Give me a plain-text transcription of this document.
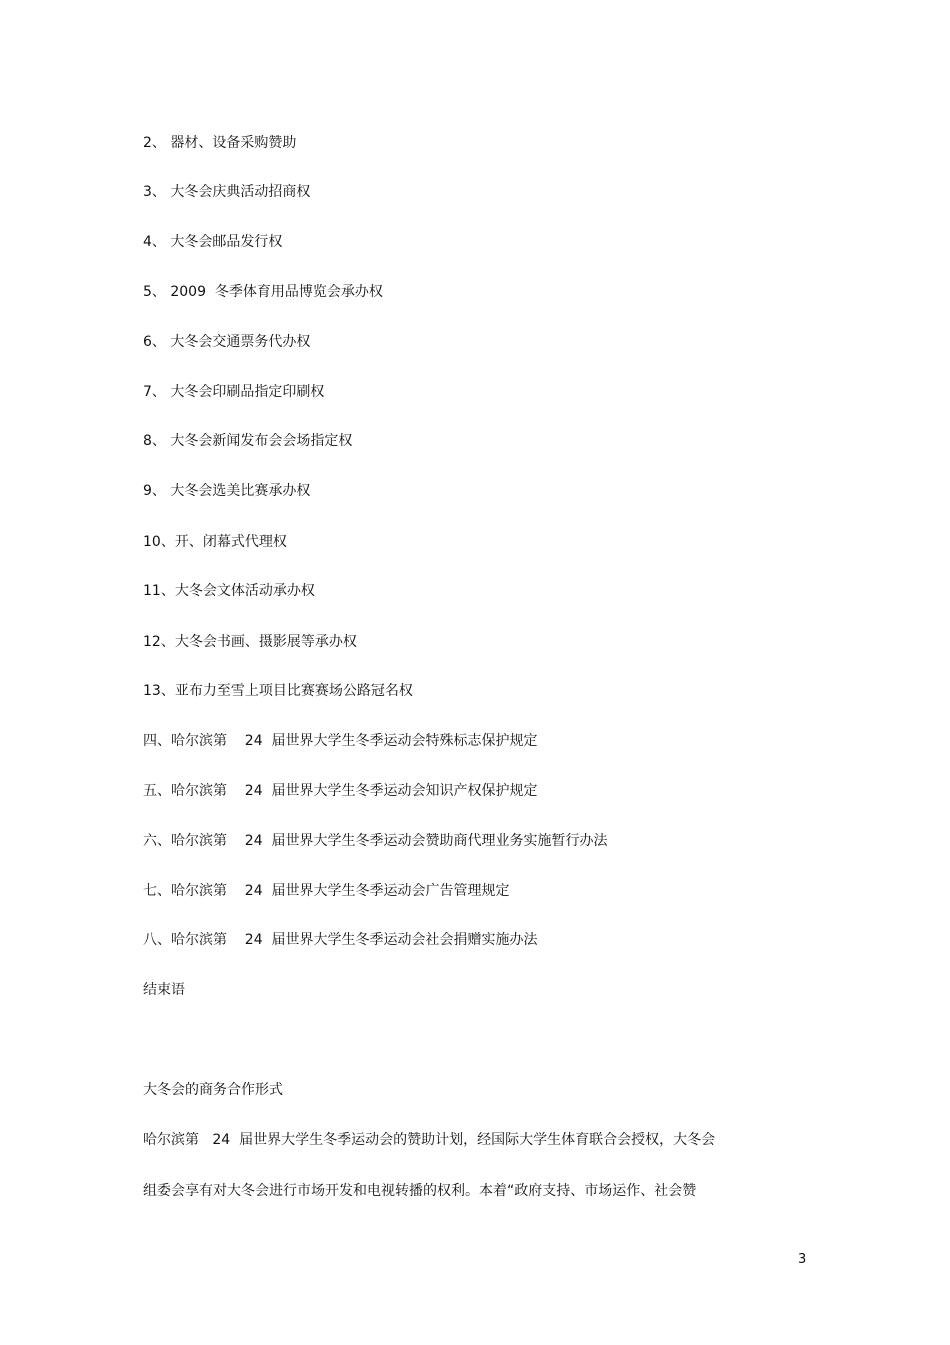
2、 器材、设备采购赞助
3、 大冬会庆典活动招商权
4、 大冬会邮品发行权
5、 2009  冬季体育用品博览会承办权
6、 大冬会交通票务代办权
7、 大冬会印刷品指定印刷权
8、 大冬会新闻发布会会场指定权
9、 大冬会选美比赛承办权
10、开、闭幕式代理权
11、大冬会文体活动承办权
12、大冬会书画、摄影展等承办权
13、亚布力至雪上项目比赛赛场公路冠名权
四、哈尔滨第    24  届世界大学生冬季运动会特殊标志保护规定
五、哈尔滨第    24  届世界大学生冬季运动会知识产权保护规定
六、哈尔滨第    24  届世界大学生冬季运动会赞助商代理业务实施暂行办法
七、哈尔滨第    24  届世界大学生冬季运动会广告管理规定
八、哈尔滨第    24  届世界大学生冬季运动会社会捐赠实施办法
结束语
大冬会的商务合作形式
哈尔滨第   24  届世界大学生冬季运动会的赞助计划，经国际大学生体育联合会授权，大冬会
组委会享有对大冬会进行市场开发和电视转播的权利。本着“政府支持、市场运作、社会赞
3
